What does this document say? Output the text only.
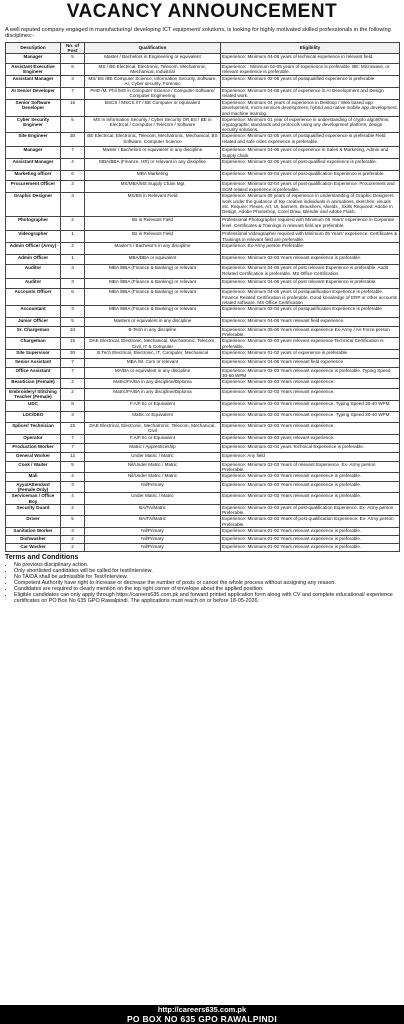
VACANCY ANNOUNCEMENT
A well reputed company engaged in manufacturing/ developing ICT equipment/ solutions, is looking for highly motivated skilled professionals in the following disciplines:-
Description	No. of Post	Qualification	Eligibility
Manager	5	Master / Bachelors in Engineering or equivalent	Experience: Minimum 04-06 years of technical experience in relevant field.
Assistant Executive Engineer	8	MS / BE Electrical, Electronic, Telecom, Mechatronic, Mechanical, Industrial	Experience: : Minimum 02-05 years of experience is preferable. BE: Microwave, or relevant experience is preferable.
Assistant Manager	3	MS/ BS /BE Computer Science, Information Security, Software, AI, Cyber security, Forensic	Experience: Minimum 02-05 years of postqualified experience is preferable
AI Senior Developer	7	PHD /M. Phil /MS in Computer Science / Computer Software/ Computer Engineering	Experience: Minimum 04-06 years of experience in AI Development and Design related work.
Senior Software Developer	16	BSCS / MSCS /IT / BE Computer or equivalent	Experience: Minimum 04 years of experience in Desktop / Web based app development, micro services development, hybrid and native mobile app development, and machine learning.
Cyber Security Engineer	5	MS in Information Security / Cyber Security OR BS / BE in Electrical / Computer / Telecom / Software	Experience: Minimum 01 year of experience in understanding of crypto algorithms, cryptographic standards and protocols using any development platform, design security solutions.
Site Engineer	30	BE Electrical, Electronic, Telecom, Mechatronic, Mechanical, BS Software, Computer Science	Experience: Minimum 02-05 years of postqualified experience is preferable Field related and safe cities experience is preferable.
Manager	7	Master / Bachelors or equivalent in any discipline	Experience: Minimum 04-06 years of experience in Sales & Marketing, Admin and Supply chain.
Assistant Manager	4	MBA/BBA (Finance, HR) or relevant in any discipline	Experience: Minimum 02-05 years of post-qualified experience is preferable.
Marketing officer	6	MBA Marketing	Experience: Minimum 02-04 years of post-qualification Experience is preferable.
Procurement Officer	3	MS/MBA/MS Supply Chain Mgt	Experience: Minimum 02-04 years of post-qualification Experience. Procurement and SCM related experience is preferable.
Graphic Designer	3	MS/BS in Relevant Field	Experience: Minimum 05 years of experience in understanding of Graphic Designers work under the guidance of top creative individuals in animations, sketches, visuals etc. Require: Flexes, Art, UI, banners, Broushers, shields , Skills Required: Adobe In Design, Adobe Photoshop, Corel Draw, Blender and Adobe Flash.
Photographer	2	Bs in Relevant Field	Professional Photographer required with Minimum 05 Years' experience in Corporate level. Certificates & Trainings in relevant field are preferable.
Videographer	1	Bs in Relevant Field	Professional Videographer required with Minimum 05 Years' experience. Certificates & Trainings in relevant field are preferable.
Admin Officer (Army)	2	Master's / Bachelor's in any discipline	Experience: Ex-Army person Preferable
Admin Officer	1	MBA/BBA or equivalent	Experience: Minimum 02-03 Years relevant experience is preferable.
Auditor	3	MBA /BBA (Finance & Banking) or relevant	Experience: Minimum 04-06 years of post relevant Experience is preferable. Audit Related Certification is preferable. MS Office Certification.
Auditor	3	MBA /BBA (Finance & Banking) or relevant	Experience: Minimum 04-06 years of post relevant Experience is preferable.
Accounts Officer	6	MBA /BBA (Finance & Banking) or relevant	Experience: Minimum 04-05 years of postqualification Experience is preferable. Finance Related Certification is preferable. Good knowledge of ERP or other accounts related software. MS Office Certification
Accountant	3	MBA /BBA (Finance & Banking) or relevant	Experience: Minimum 02-04 years of postqualification Experience is preferable.
Junior Officer	5	Masters or equivalent in any discipline	Experience: Minimum 04-06 Years relevant field experience.
Sr. Chargeman	10	B-Tech in any discipline	Experience: Minimum 05-06 Years relevant experience Ex-Army / Air Force person Preferable.
Chargeman	15	DAE Electrical, Electronic, Mechanical, Mechatronic, Telecom, Civil, IT & Computer	Experience: Minimum 02-03 years relevant experience Technical Certification is preferable.
Site Supervisor	30	B.Tech Electrical, Electronic, IT, Computer, Mechanical	Experience: Minimum 01-02 years of experience is preferable
Senior Assistant	7	MBA /M. Com or relevant	Experience: Minimum 04-06 Years relevant field experience
Office Assistant	7	MA/BA or equivalent in any discipline	Experience: Minimum 02-03 Years relevant experience is preferable. Typing Speed 30-60 WPM
Beautician (Female)	2	Matric/FA/BA in any discipline/Diploma	Experience: Minimum 02-03 Years relevant experience.
Embroidery/ Stitching Teacher (Female)	2	Matric/FA/BA in any discipline/Diploma	Experience: Minimum 02-03 Years relevant experience.
UDC	8	F.A/F.Sc or Equivalent	Experience: Minimum 02-03 Years relevant experience. Typing Speed 30-40 WPM
LDC/DEO	3	Matric or Equivalent	Experience: Minimum 02-03 Years relevant experience. Typing Speed 30-40 WPM
Splicer/ Technician	15	DAE Electrical, Electronic, Mechatronic, Telecom, Mechanical, Civil	Experience: Minimum 02-03 Years relevant experience.
Operator	7	F.A/F.Sc or Equivalent	Experience: Minimum 02-03 years relevant experience.
Production Worker	7	Matric / Apprenticeship	Experience: Minimum 02-04 years Technical Experience is preferable.
General Worker	12	Under Matric / Matric	Experience: Any field
Cook / Waiter	5	Nil/Under Matric / Matric	Experience: Minimum 02-03 Years of relevant Experience. Ex- Army person Preferable.
Mali	4	Nil/Under Matric / Matric	Experience: Minimum 02-03 Years relevant experience is preferable.
Ayya/Attendant (Female Only)	3	Nil/Primary	Experience: Minimum 02-03 Years relevant experience is preferable.
Serviceman / Office Boy	4	Under Matric / Matric	Experience: Minimum 02-03 Years relevant experience is preferable.
Security Guard	2	BA/FA/Matric	Experience: Minimum 02-03 years of post-qualification Experience. Ex- Army person Preferable.
Driver	5	BA/FA/Matric	Experience: Minimum 02-03 Years of post-qualification Experience. Ex- Army person Preferable.
Sanitation Worker	3	Nil/Primary	Experience: Minimum 01-02 Years relevant experience is preferable.
Dishwasher	2	Nil/Primary	Experience: Minimum 01-02 Years relevant experience is preferable.
Car Washer	2	Nil/Primary	Experience: Minimum 01-02 Years relevant experience is preferable.
Terms and Conditions
• No previous disciplinary action.
• Only shortlisted candidates will be called for test/interview.
• No TA/DA shall be admissible for Test/Interview.
• Competent Authority have right to increase or decrease the number of posts or cancel the whole process without assigning any reason.
• Candidates are required to clearly mention on the top right corner of envelope about the applied position.
• Eligible candidates can only apply through https://careers635.com.pk and forward printed application form along with CV and complete educational/ experience certificates on PO Box No 635 GPO Rawalpindi. The applications must reach on or before 18-05-2026.
http://careers635.com.pk
PO BOX NO 635 GPO RAWALPINDI
